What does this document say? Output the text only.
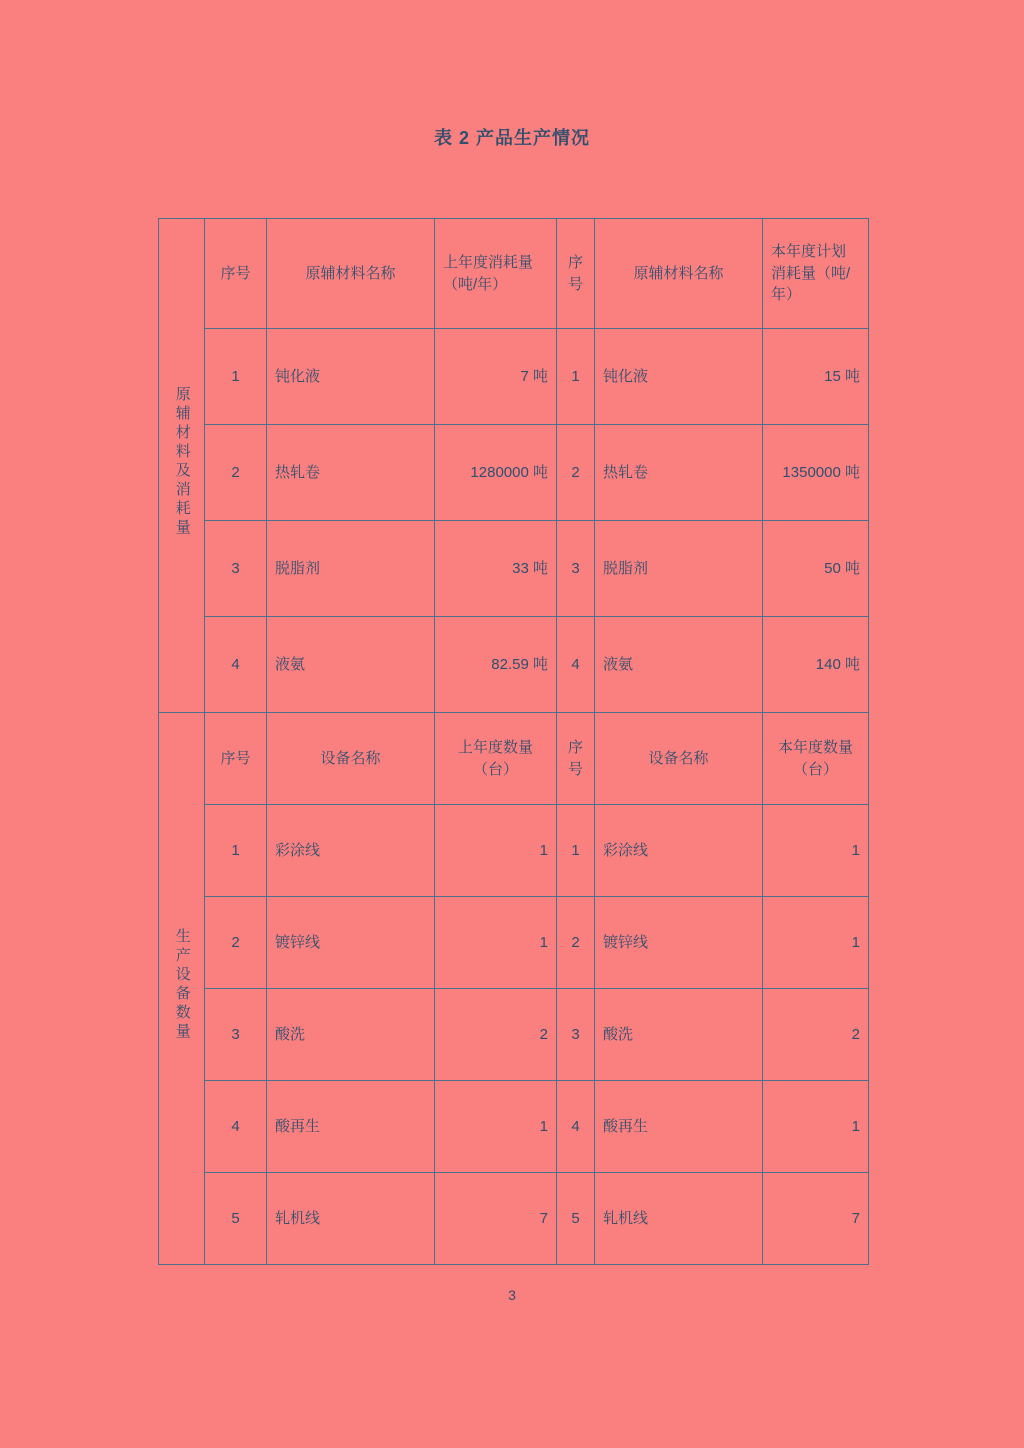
表 2 产品生产情况
原辅材料及消耗量	序号	原辅材料名称	上年度消耗量（吨/年）	序号	原辅材料名称	本年度计划消耗量（吨/年）
	1	钝化液	7 吨	1	钝化液	15 吨
	2	热轧卷	1280000 吨	2	热轧卷	1350000 吨
	3	脱脂剂	33 吨	3	脱脂剂	50 吨
	4	液氨	82.59 吨	4	液氨	140 吨
生产设备数量	序号	设备名称	上年度数量（台）	序号	设备名称	本年度数量（台）
	1	彩涂线	1	1	彩涂线	1
	2	镀锌线	1	2	镀锌线	1
	3	酸洗	2	3	酸洗	2
	4	酸再生	1	4	酸再生	1
	5	轧机线	7	5	轧机线	7
3
